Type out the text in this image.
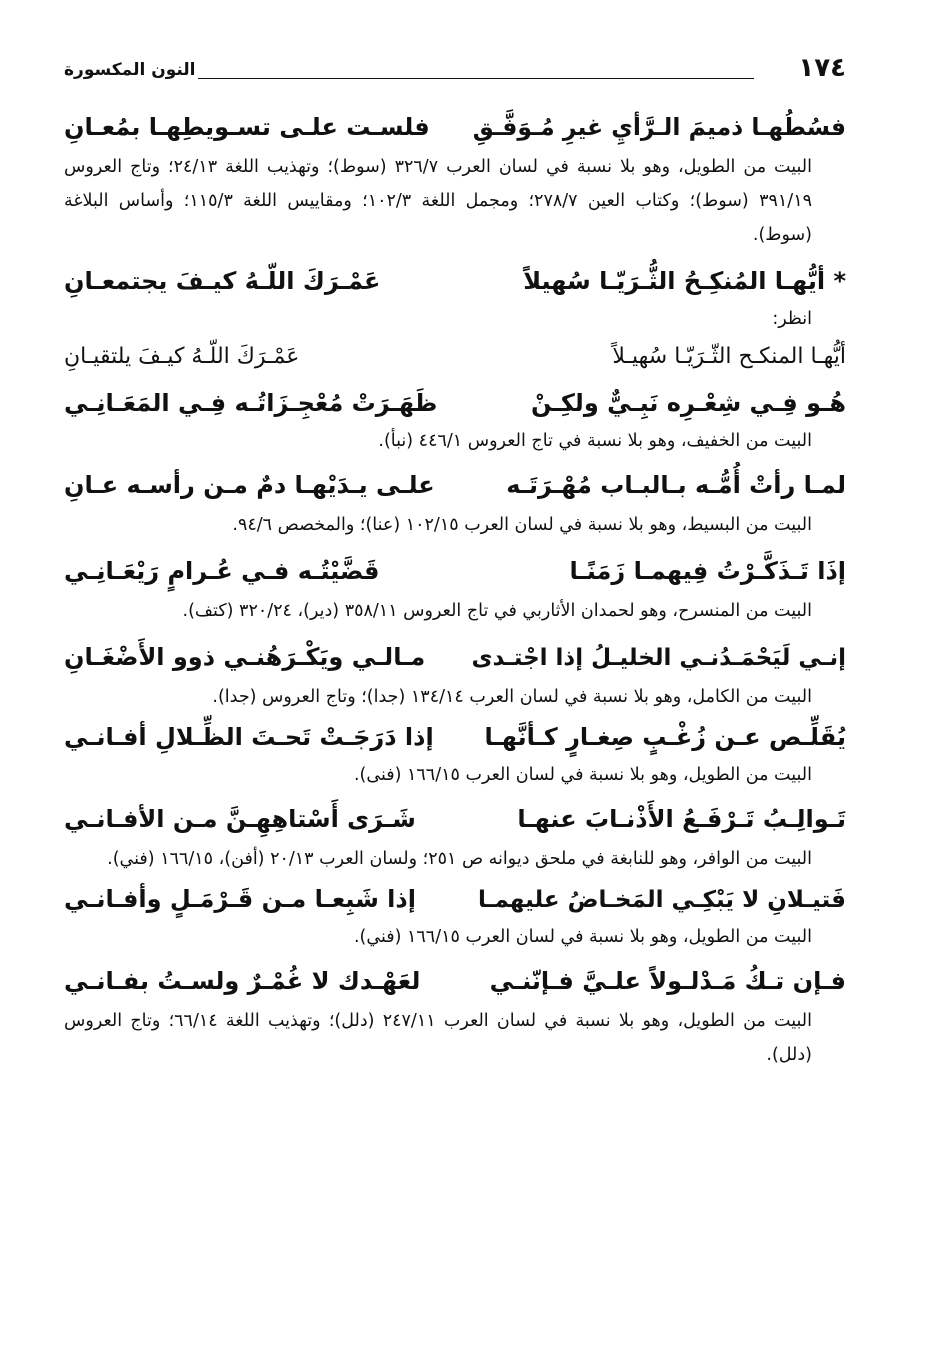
١٧٤
النون المكسورة
فسُطُهـا ذميمَ الـرَّأيِ غيرِ مُـوَفَّـقِ
فلسـت علـى تسـويطِهـا بمُعـانِ

البيت من الطويل، وهو بلا نسبة في لسان العرب ٣٢٦/٧ (سوط)؛ وتهذيب اللغة ٢٤/١٣؛ وتاج العروس ٣٩١/١٩ (سوط)؛ وكتاب العين ٢٧٨/٧؛ ومجمل اللغة ١٠٢/٣؛ ومقاييس اللغة ١١٥/٣؛ وأساس البلاغة (سوط).

* أيُّهـا المُنكِـحُ الثُّـرَيّـا سُهيلاً
عَمْـرَكَ اللّـهُ كيـفَ يجتمعـانِ

انظر:

أيُّهـا المنكـح الثّـرَيّـا سُهيـلاً
عَمْـرَكَ اللّـهُ كيـفَ يلتقيـانِ
هُـو فِـي شِعْـرِه نَبِـيٌّ ولكِـنْ
ظَهَـرَتْ مُعْجِـزَاتُـه فِـي المَعَـانِـي

البيت من الخفيف، وهو بلا نسبة في تاج العروس ٤٤٦/١ (نبأ).

لمـا رأتْ أُمُّـه بـالبـاب مُهْـرَتَـه
علـى يـدَيْهـا دمٌ مـن رأسـه عـانِ

البيت من البسيط، وهو بلا نسبة في لسان العرب ١٠٢/١٥ (عنا)؛ والمخصص ٩٤/٦.

إذَا تَـذَكَّـرْتُ فِيهمـا زَمَنًـا
قَضَّيْتُـه فـي عُـرامٍ رَيْعَـانِـي

البيت من المنسرح، وهو لحمدان الأثاربي في تاج العروس ٣٥٨/١١ (دير)، ٣٢٠/٢٤ (كتف).

إنـي لَيَحْمَـدُنـي الخليـلُ إذا اجْتـدى
مـالـي ويَكْـرَهُنـي ذوو الأَضْغَـانِ

البيت من الكامل، وهو بلا نسبة في لسان العرب ١٣٤/١٤ (جدا)؛ وتاج العروس (جدا).

يُقَلِّـص عـن زُغْـبٍ صِغـارٍ كـأنَّهـا
إذا دَرَجَـتْ تَحـتَ الظِّـلالِ أفـانـي

البيت من الطويل، وهو بلا نسبة في لسان العرب ١٦٦/١٥ (فنى).

تَـوالِـبُ تَـرْفَـعُ الأَذْنـابَ عنهـا
شَـرَى أَسْتاهِهِـنَّ مـن الأفـانـي

البيت من الوافر، وهو للنابغة في ملحق ديوانه ص ٢٥١؛ ولسان العرب ٢٠/١٣ (أفن)، ١٦٦/١٥ (فني).

فَتيـلانِ لا يَبْكِـي المَخـاضُ عليهمـا
إذا شَبِعـا مـن قَـرْمَـلٍ وأفـانـي

البيت من الطويل، وهو بلا نسبة في لسان العرب ١٦٦/١٥ (فني).

فـإن تـكُ مَـدْلـولاً علـيَّ فـإنّنـي
لعَهْـدك لا غُمْـرٌ ولسـتُ بفـانـي

البيت من الطويل، وهو بلا نسبة في لسان العرب ٢٤٧/١١ (دلل)؛ وتهذيب اللغة ٦٦/١٤؛ وتاج العروس (دلل).
